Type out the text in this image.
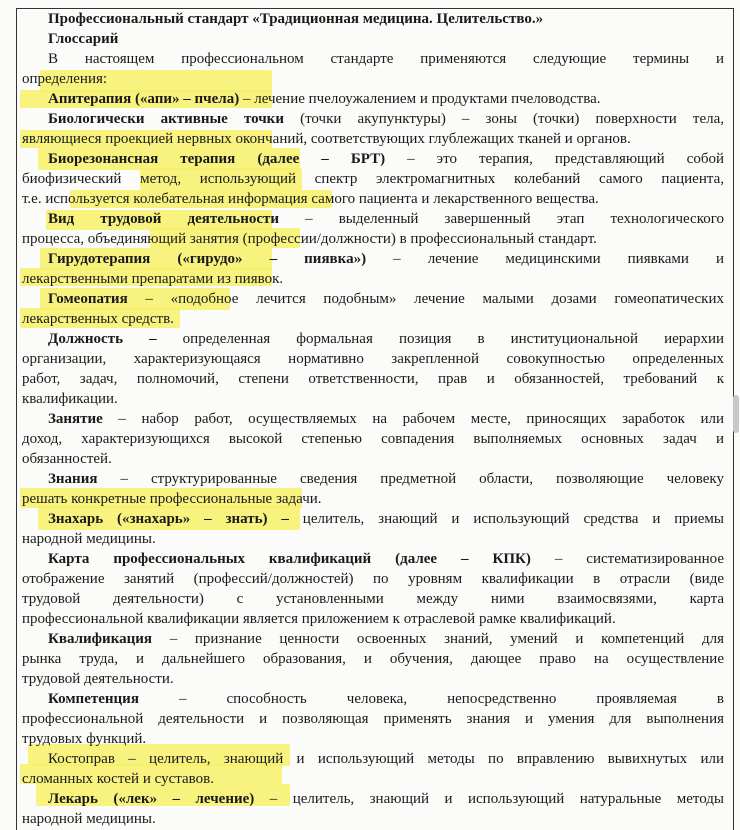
Профессиональный стандарт «Традиционная медицина. Целительство.»
Глоссарий
В настоящем профессиональном стандарте применяются следующие термины и
определения:
Апитерапия («апи» – пчела) – лечение пчелоужалением и продуктами пчеловодства.
Биологически активные точки (точки акупунктуры) – зоны (точки) поверхности тела,
являющиеся проекцией нервных окончаний, соответствующих глублежащих тканей и органов.
Биорезонансная терапия (далее – БРТ) – это терапия, представляющий собой
биофизический метод, использующий спектр электромагнитных колебаний самого пациента,
т.е. используется колебательная информация самого пациента и лекарственного вещества.
Вид трудовой деятельности – выделенный завершенный этап технологического
процесса, объединяющий занятия (профессии/должности) в профессиональный стандарт.
Гирудотерапия («гирудо» – пиявка») – лечение медицинскими пиявками и
лекарственными препаратами из пиявок.
Гомеопатия – «подобное лечится подобным» лечение малыми дозами гомеопатических
лекарственных средств.
Должность – определенная формальная позиция в институциональной иерархии
организации, характеризующаяся нормативно закрепленной совокупностью определенных
работ, задач, полномочий, степени ответственности, прав и обязанностей, требований к
квалификации.
Занятие – набор работ, осуществляемых на рабочем месте, приносящих заработок или
доход, характеризующихся высокой степенью совпадения выполняемых основных задач и
обязанностей.
Знания – структурированные сведения предметной области, позволяющие человеку
решать конкретные профессиональные задачи.
Знахарь («знахарь» – знать) – целитель, знающий и использующий средства и приемы
народной медицины.
Карта профессиональных квалификаций (далее – КПК) – систематизированное
отображение занятий (профессий/должностей) по уровням квалификации в отрасли (виде
трудовой деятельности) с установленными между ними взаимосвязями, карта
профессиональной квалификации является приложением к отраслевой рамке квалификаций.
Квалификация – признание ценности освоенных знаний, умений и компетенций для
рынка труда, и дальнейшего образования, и обучения, дающее право на осуществление
трудовой деятельности.
Компетенция	– способность человека, непосредственно проявляемая в
профессиональной деятельности и позволяющая применять знания и умения для выполнения
трудовых функций.
Костоправ – целитель, знающий и использующий методы по вправлению вывихнутых или
сломанных костей и суставов.
Лекарь («лек» – лечение) – целитель, знающий и использующий натуральные методы
народной медицины.
